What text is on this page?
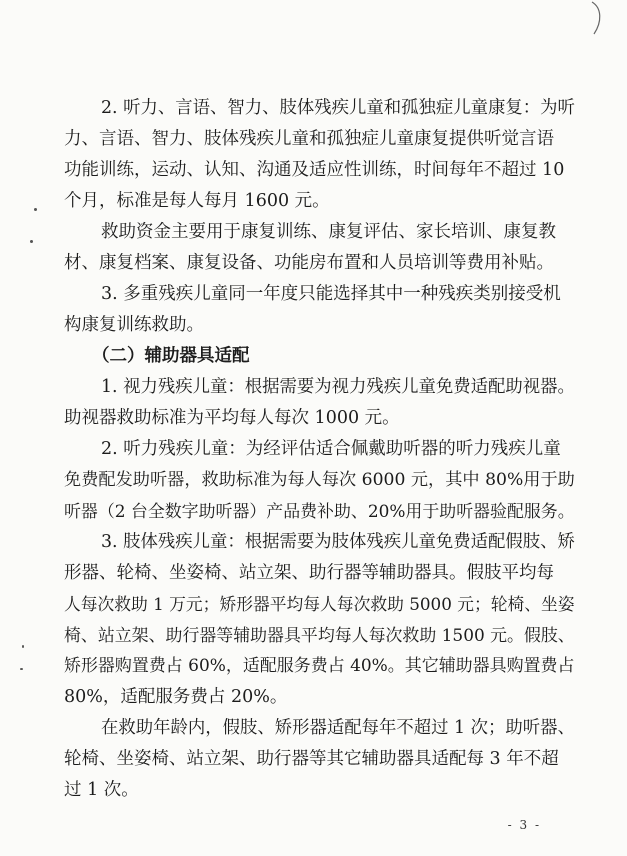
2. 听力、言语、智力、肢体残疾儿童和孤独症儿童康复：为听
力、言语、智力、肢体残疾儿童和孤独症儿童康复提供听觉言语
功能训练，运动、认知、沟通及适应性训练，时间每年不超过 10
个月，标准是每人每月 1600 元。
救助资金主要用于康复训练、康复评估、家长培训、康复教
材、康复档案、康复设备、功能房布置和人员培训等费用补贴。
3. 多重残疾儿童同一年度只能选择其中一种残疾类别接受机
构康复训练救助。
（二）辅助器具适配
1. 视力残疾儿童：根据需要为视力残疾儿童免费适配助视器。
助视器救助标准为平均每人每次 1000 元。
2. 听力残疾儿童：为经评估适合佩戴助听器的听力残疾儿童
免费配发助听器，救助标准为每人每次 6000 元，其中 80%用于助
听器（2 台全数字助听器）产品费补助、20%用于助听器验配服务。
3. 肢体残疾儿童：根据需要为肢体残疾儿童免费适配假肢、矫
形器、轮椅、坐姿椅、站立架、助行器等辅助器具。假肢平均每
人每次救助 1 万元；矫形器平均每人每次救助 5000 元；轮椅、坐姿
椅、站立架、助行器等辅助器具平均每人每次救助 1500 元。假肢、
矫形器购置费占 60%，适配服务费占 40%。其它辅助器具购置费占
80%，适配服务费占 20%。
在救助年龄内，假肢、矫形器适配每年不超过 1 次；助听器、
轮椅、坐姿椅、站立架、助行器等其它辅助器具适配每 3 年不超
过 1 次。
- 3 -
